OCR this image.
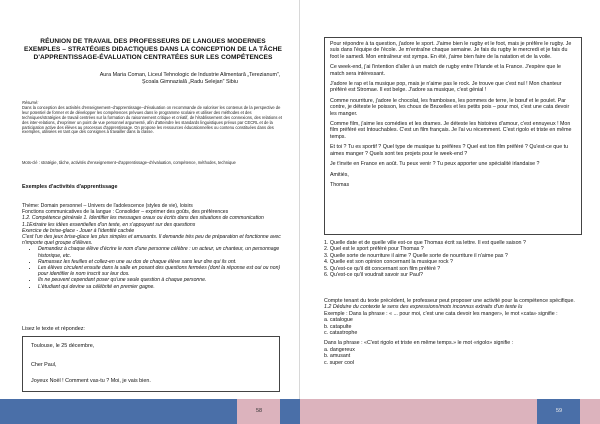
RÉUNION DE TRAVAIL DES PROFESSEURS DE LANGUES MODERNES EXEMPLES – STRATÉGIES DIDACTIQUES DANS LA CONCEPTION DE LA TÂCHE D'APPRENTISSAGE-ÉVALUATION CENTRATÉES SUR LES COMPÉTENCES
Aura Maria Coman, Liceul Tehnologic de Industrie Alimentară „Terezianum”,
Școala Gimnazială „Radu Selejan” Sibiu
Résumé:
Dans la conception des activités d'enseignement–d'apprentissage–d'évaluation on recommande de valoriser les contenus de la perspective de leur potentiel de former et de développer les compétences prévues dans le programme scolaire et utiliser des méthodes et des techniques/stratégies de travail centrées sur la formation du raisonnement critique et créatif, de l'établissement des connexions, des relations et des inter-relations, d'exprimer un point de vue personnel argumenté, afin d'atteindre les standards linguistiques prévus par CECRL et de la participation active des élèves au processus d'apprentissage. On propose les ressources éducationnelles ou contenu constituées dans des exemples, utilisées en tant que des consignes à travailler dans la classe.
Mots-clé : stratégie, tâche, activités d'enseignement–d'apprentissage–d'évaluation, compétence, méthodes, technique
Exemples d'activités d'apprentissage

Thème: Domain personnel – Univers de l'adolescence (styles de vie), loisirs

Fonctions communicatives de la langue : Consolider – exprimer des goûts, des préférences

1.2. Compétence générale 1. Identifier les messages oraux ou écrits dans des situations de communication

1.1Extraire les idées essentielles d'un texte, en s'appuyant sur des questions

Exercice de brise-glace - Jouer à l'identité cachée

C'est l'un des jeux brise-glace les plus simples et amusants. Il demande très peu de préparation et fonctionne avec n'importe quel groupe d'élèves.

• Demandez à chaque élève d'écrire le nom d'une personne célèbre : un acteur, un chanteur, un personnage historique, etc.
• Ramassez les feuilles et collez-en une au dos de chaque élève sans leur dire qui ils ont.
• Les élèves circulent ensuite dans la salle en posant des questions fermées (dont la réponse est oui ou non) pour identifier le nom inscrit sur leur dos.
• Ils ne peuvent cependant poser qu'une seule question à chaque personne.
• L'étudiant qui devine sa célébrité en premier gagne.
Lisez le texte et répondez:
Toulouse, le 25 décembre,
Cher Paul,
Joyeux Noël ! Comment vas-tu ? Moi, je vais bien.
58

Pour répondre à ta question, j'adore le sport. J'aime bien le rugby et le foot, mais je préfère le rugby. Je suis dans l'équipe de l'école. Je m'entraîne chaque semaine. Je fais du rugby le mercredi et je fais du foot le samedi. Mon entraîneur est sympa. En été, j'aime bien faire de la natation et de la voile.

Ce week-end, j'ai l'intention d'aller à un match de rugby entre l'Irlande et la France. J'espère que le match sera intéressant.

J'adore le rap et la musique pop, mais je n'aime pas le rock. Je trouve que c'est nul ! Mon chanteur préféré est Stromae. Il est belge. J'adore sa musique, c'est génial !

Comme nourriture, j'adore le chocolat, les framboises, les pommes de terre, le bœuf et le poulet. Par contre, je déteste le poisson, les choux de Bruxelles et les petits pois – pour moi, c'est une cata devoir les manger.

Comme film, j'aime les comédies et les drames. Je déteste les histoires d'amour, c'est ennuyeux ! Mon film préféré est Intouchables. C'est un film français. Je l'ai vu récemment. C'est rigolo et triste en même temps.

Et toi ? Tu es sportif ? Quel type de musique tu préfères ? Quel est ton film préféré ? Qu'est-ce que tu aimes manger ? Quels sont tes projets pour le week-end ?

Je t'invite en France en août. Tu peux venir ? Tu peux apporter une spécialité irlandaise ?

Amitiés,

Thomas

1. Quelle date et de quelle ville est-ce que Thomas écrit sa lettre. Il est quelle saison ?
2. Quel est le sport préféré pour Thomas ?
3. Quelle sorte de nourriture il aime ? Quelle sorte de nourriture il n'aime pas ?
4. Quelle est son opinion concernant la musique rock ?
5. Qu'est-ce qu'il dit concernant son film préféré ?
6. Qu'est-ce qu'il voudrait savoir sur Paul?

Compte tenant du texte précédent, le professeur peut proposer une activité pour la compétence spécifique.

1.2 Déduire du contexte le sens des expressions/mots inconnus extraits d'un texte lu

Exemple : Dans la phrase : « ... pour moi, c'est une cata devoir les manger», le mot «cata» signifie :

a. catalogue

b. catapulte

c. catastrophe

Dans la phrase : «C'est rigolo et triste en même temps.» le mot «rigolo» signifie :

a. dangereux

b. amusant

c. super cool

59
